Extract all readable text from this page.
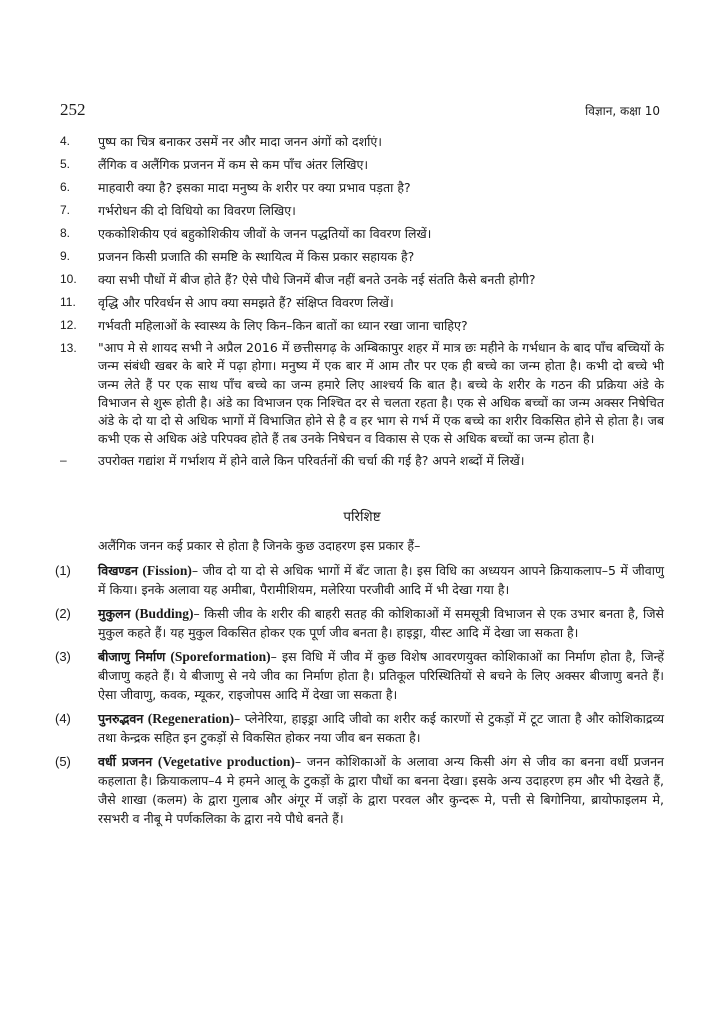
252	विज्ञान, कक्षा 10

4. पुष्प का चित्र बनाकर उसमें नर और मादा जनन अंगों को दर्शाएं।

5. लैंगिक व अलैंगिक प्रजनन में कम से कम पाँच अंतर लिखिए।

6. माहवारी क्या है? इसका मादा मनुष्य के शरीर पर क्या प्रभाव पड़ता है?

7. गर्भरोधन की दो विधियो का विवरण लिखिए।

8. एककोशिकीय एवं बहुकोशिकीय जीवों के जनन पद्धतियों का विवरण लिखें।

9. प्रजनन किसी प्रजाति की समष्टि के स्थायित्व में किस प्रकार सहायक है?

10. क्या सभी पौधों में बीज होते हैं? ऐसे पौधे जिनमें बीज नहीं बनते उनके नई संतति कैसे बनती होगी?

11. वृद्धि और परिवर्धन से आप क्या समझते हैं? संक्षिप्त विवरण लिखें।

12. गर्भवती महिलाओं के स्वास्थ्य के लिए किन–किन बातों का ध्यान रखा जाना चाहिए?

13. "आप मे से शायद सभी ने अप्रैल 2016 में छत्तीसगढ़ के अम्बिकापुर शहर में मात्र छः महीने के गर्भधान के बाद पाँच बच्चियों के जन्म संबंधी खबर के बारे में पढ़ा होगा। मनुष्य में एक बार में आम तौर पर एक ही बच्चे का जन्म होता है। कभी दो बच्चे भी जन्म लेते हैं पर एक साथ पाँच बच्चे का जन्म हमारे लिए आश्चर्य कि बात है। बच्चे के शरीर के गठन की प्रक्रिया अंडे के विभाजन से शुरू होती है। अंडे का विभाजन एक निश्चित दर से चलता रहता है। एक से अधिक बच्चों का जन्म अक्सर निषेचित अंडे के दो या दो से अधिक भागों में विभाजित होने से है व हर भाग से गर्भ में एक बच्चे का शरीर विकसित होने से होता है। जब कभी एक से अधिक अंडे परिपक्व होते हैं तब उनके निषेचन व विकास से एक से अधिक बच्चों का जन्म होता है।

–	उपरोक्त गद्यांश में गर्भाशय में होने वाले किन परिवर्तनों की चर्चा की गई है? अपने शब्दों में लिखें।

परिशिष्ट
अलैंगिक जनन कई प्रकार से होता है जिनके कुछ उदाहरण इस प्रकार हैं–
(1) विखण्डन (Fission)– जीव दो या दो से अधिक भागों में बँट जाता है। इस विधि का अध्ययन आपने क्रियाकलाप–5 में जीवाणु में किया। इनके अलावा यह अमीबा, पैरामीशियम, मलेरिया परजीवी आदि में भी देखा गया है।
(2) मुकुलन (Budding)– किसी जीव के शरीर की बाहरी सतह की कोशिकाओं में समसूत्री विभाजन से एक उभार बनता है, जिसे मुकुल कहते हैं। यह मुकुल विकसित होकर एक पूर्ण जीव बनता है। हाइड्रा, यीस्ट आदि में देखा जा सकता है।
(3) बीजाणु निर्माण (Sporeformation)– इस विधि में जीव में कुछ विशेष आवरणयुक्त कोशिकाओं का निर्माण होता है, जिन्हें बीजाणु कहते हैं। ये बीजाणु से नये जीव का निर्माण होता है। प्रतिकूल परिस्थितियों से बचने के लिए अक्सर बीजाणु बनते हैं। ऐसा जीवाणु, कवक, म्यूकर, राइजोपस आदि में देखा जा सकता है।
(4) पुनरुद्भवन (Regeneration)– प्लेनेरिया, हाइड्रा आदि जीवो का शरीर कई कारणों से टुकड़ों में टूट जाता है और कोशिकाद्रव्य तथा केन्द्रक सहित इन टुकड़ों से विकसित होकर नया जीव बन सकता है।
(5) वर्धी प्रजनन (Vegetative production)– जनन कोशिकाओं के अलावा अन्य किसी अंग से जीव का बनना वर्धी प्रजनन कहलाता है। क्रियाकलाप–4 मे हमने आलू के टुकड़ों के द्वारा पौधों का बनना देखा। इसके अन्य उदाहरण हम और भी देखते हैं, जैसे शाखा (कलम) के द्वारा गुलाब और अंगूर में जड़ों के द्वारा परवल और कुन्दरू मे, पत्ती से बिगोनिया, ब्रायोफाइलम मे, रसभरी व नीबू मे पर्णकलिका के द्वारा नये पौधे बनते हैं।
